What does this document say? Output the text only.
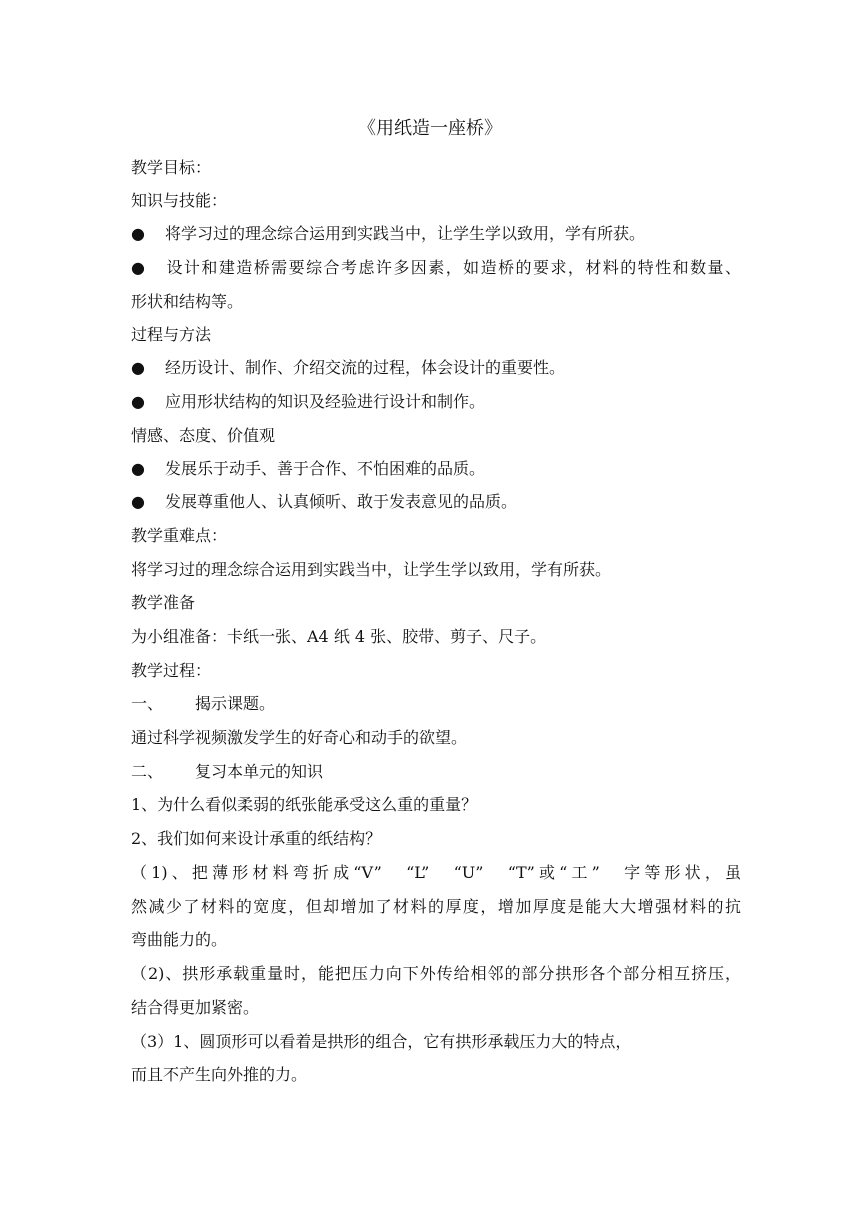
《用纸造一座桥》
教学目标：
知识与技能：
● 将学习过的理念综合运用到实践当中，让学生学以致用，学有所获。
● 设计和建造桥需要综合考虑许多因素，如造桥的要求，材料的特性和数量、
形状和结构等。
过程与方法
● 经历设计、制作、介绍交流的过程，体会设计的重要性。
● 应用形状结构的知识及经验进行设计和制作。
情感、态度、价值观
● 发展乐于动手、善于合作、不怕困难的品质。
● 发展尊重他人、认真倾听、敢于发表意见的品质。
教学重难点：
将学习过的理念综合运用到实践当中，让学生学以致用，学有所获。
教学准备
为小组准备：卡纸一张、A4 纸 4 张、胶带、剪子、尺子。
教学过程：
一、 揭示课题。
通过科学视频激发学生的好奇心和动手的欲望。
二、 复习本单元的知识
1、为什么看似柔弱的纸张能承受这么重的重量？
2、我们如何来设计承重的纸结构？
（1)、把薄形材料弯折成“V”　“L”　“U”　“T”或“工”　字等形状，虽
然减少了材料的宽度，但却增加了材料的厚度，增加厚度是能大大增强材料的抗
弯曲能力的。
（2)、拱形承载重量时，能把压力向下外传给相邻的部分拱形各个部分相互挤压，
结合得更加紧密。
（3）1、圆顶形可以看着是拱形的组合，它有拱形承载压力大的特点，
而且不产生向外推的力。
